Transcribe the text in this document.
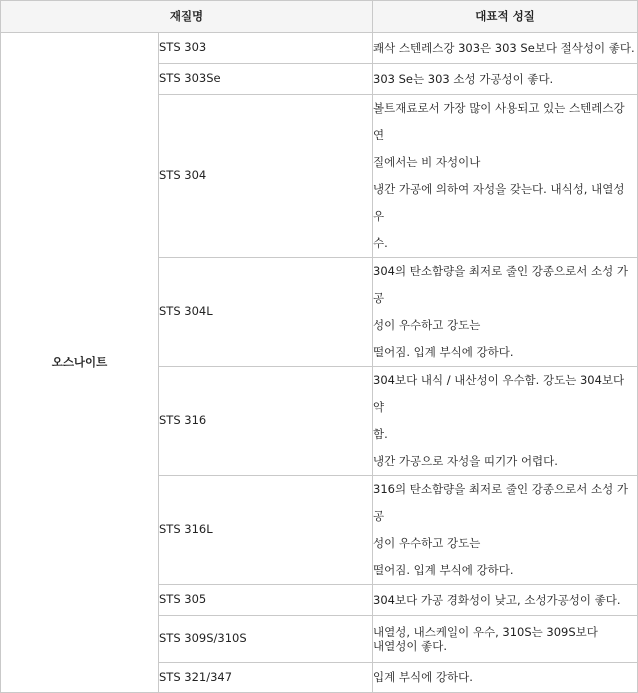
재질명		대표적 성질
오스나이트	STS 303	쾌삭 스텐레스강 303은 303 Se보다 절삭성이 좋다.

	STS 303Se	303 Se는 303 소성 가공성이 좋다.

	STS 304	볼트재료로서 가장 많이 사용되고 있는 스텐레스강 연
질에서는 비 자성이나
냉간 가공에 의하여 자성을 갖는다. 내식성, 내열성 우
수.

	STS 304L	304의 탄소함량을 최저로 줄인 강종으로서 소성 가공
성이 우수하고 강도는
떨어짐. 입계 부식에 강하다.

	STS 316	304보다 내식 / 내산성이 우수함. 강도는 304보다 약
함.
냉간 가공으로 자성을 띠기가 어렵다.

	STS 316L	316의 탄소함량을 최저로 줄인 강종으로서 소성 가공
성이 우수하고 강도는
떨어짐. 입계 부식에 강하다.

	STS 305	304보다 가공 경화성이 낮고, 소성가공성이 좋다.

	STS 309S/310S	내열성, 내스케일이 우수, 310S는 309S보다
내열성이 좋다.

	STS 321/347	입계 부식에 강하다.
